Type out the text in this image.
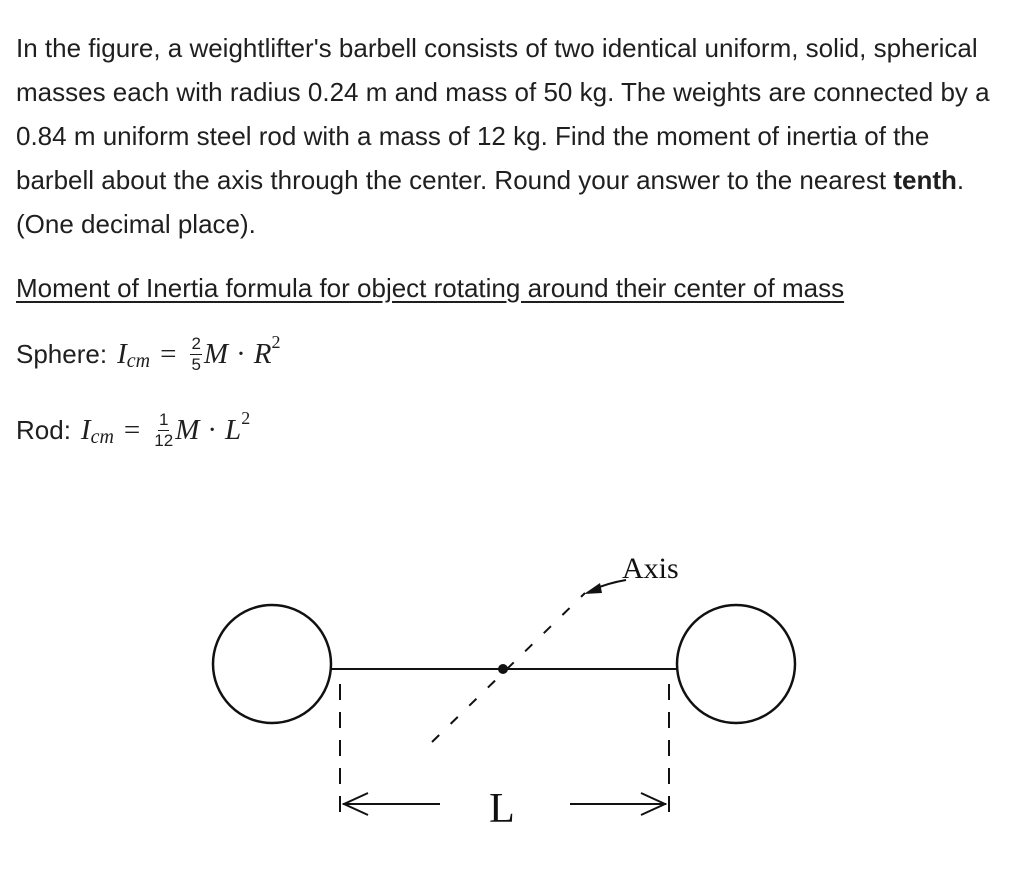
In the figure, a weightlifter's barbell consists of two identical uniform, solid, spherical masses each with radius 0.24 m and mass of 50 kg. The weights are connected by a 0.84 m uniform steel rod with a mass of 12 kg. Find the moment of inertia of the barbell about the axis through the center. Round your answer to the nearest tenth. (One decimal place).

Moment of Inertia formula for object rotating around their center of mass

Sphere: I cm = $\frac{2}{5}$ M · R 2
Rod: I cm = $\frac{1}{12}$ M · L 2
Axis
L
